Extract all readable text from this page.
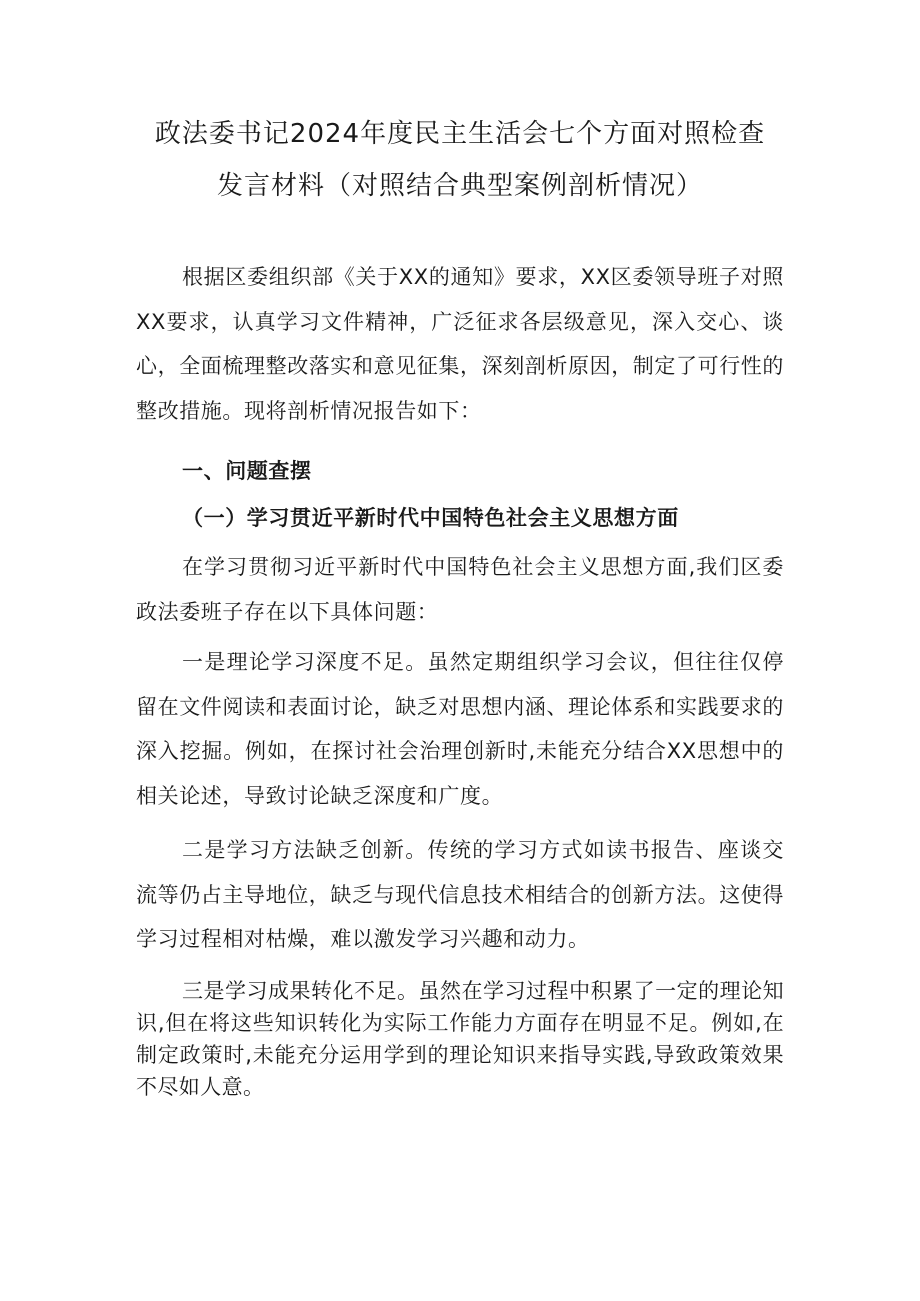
政法委书记2024年度民主生活会七个方面对照检查
发言材料（对照结合典型案例剖析情况）
根据区委组织部《关于XX的通知》要求，XX区委领导班子对照XX要求，认真学习文件精神，广泛征求各层级意见，深入交心、谈心，全面梳理整改落实和意见征集，深刻剖析原因，制定了可行性的整改措施。现将剖析情况报告如下：
一、问题查摆
（一）学习贯近平新时代中国特色社会主义思想方面
在学习贯彻习近平新时代中国特色社会主义思想方面,我们区委政法委班子存在以下具体问题：
一是理论学习深度不足。虽然定期组织学习会议，但往往仅停留在文件阅读和表面讨论，缺乏对思想内涵、理论体系和实践要求的深入挖掘。例如，在探讨社会治理创新时,未能充分结合XX思想中的相关论述，导致讨论缺乏深度和广度。
二是学习方法缺乏创新。传统的学习方式如读书报告、座谈交流等仍占主导地位，缺乏与现代信息技术相结合的创新方法。这使得学习过程相对枯燥，难以激发学习兴趣和动力。
三是学习成果转化不足。虽然在学习过程中积累了一定的理论知识,但在将这些知识转化为实际工作能力方面存在明显不足。例如,在制定政策时,未能充分运用学到的理论知识来指导实践,导致政策效果不尽如人意。
